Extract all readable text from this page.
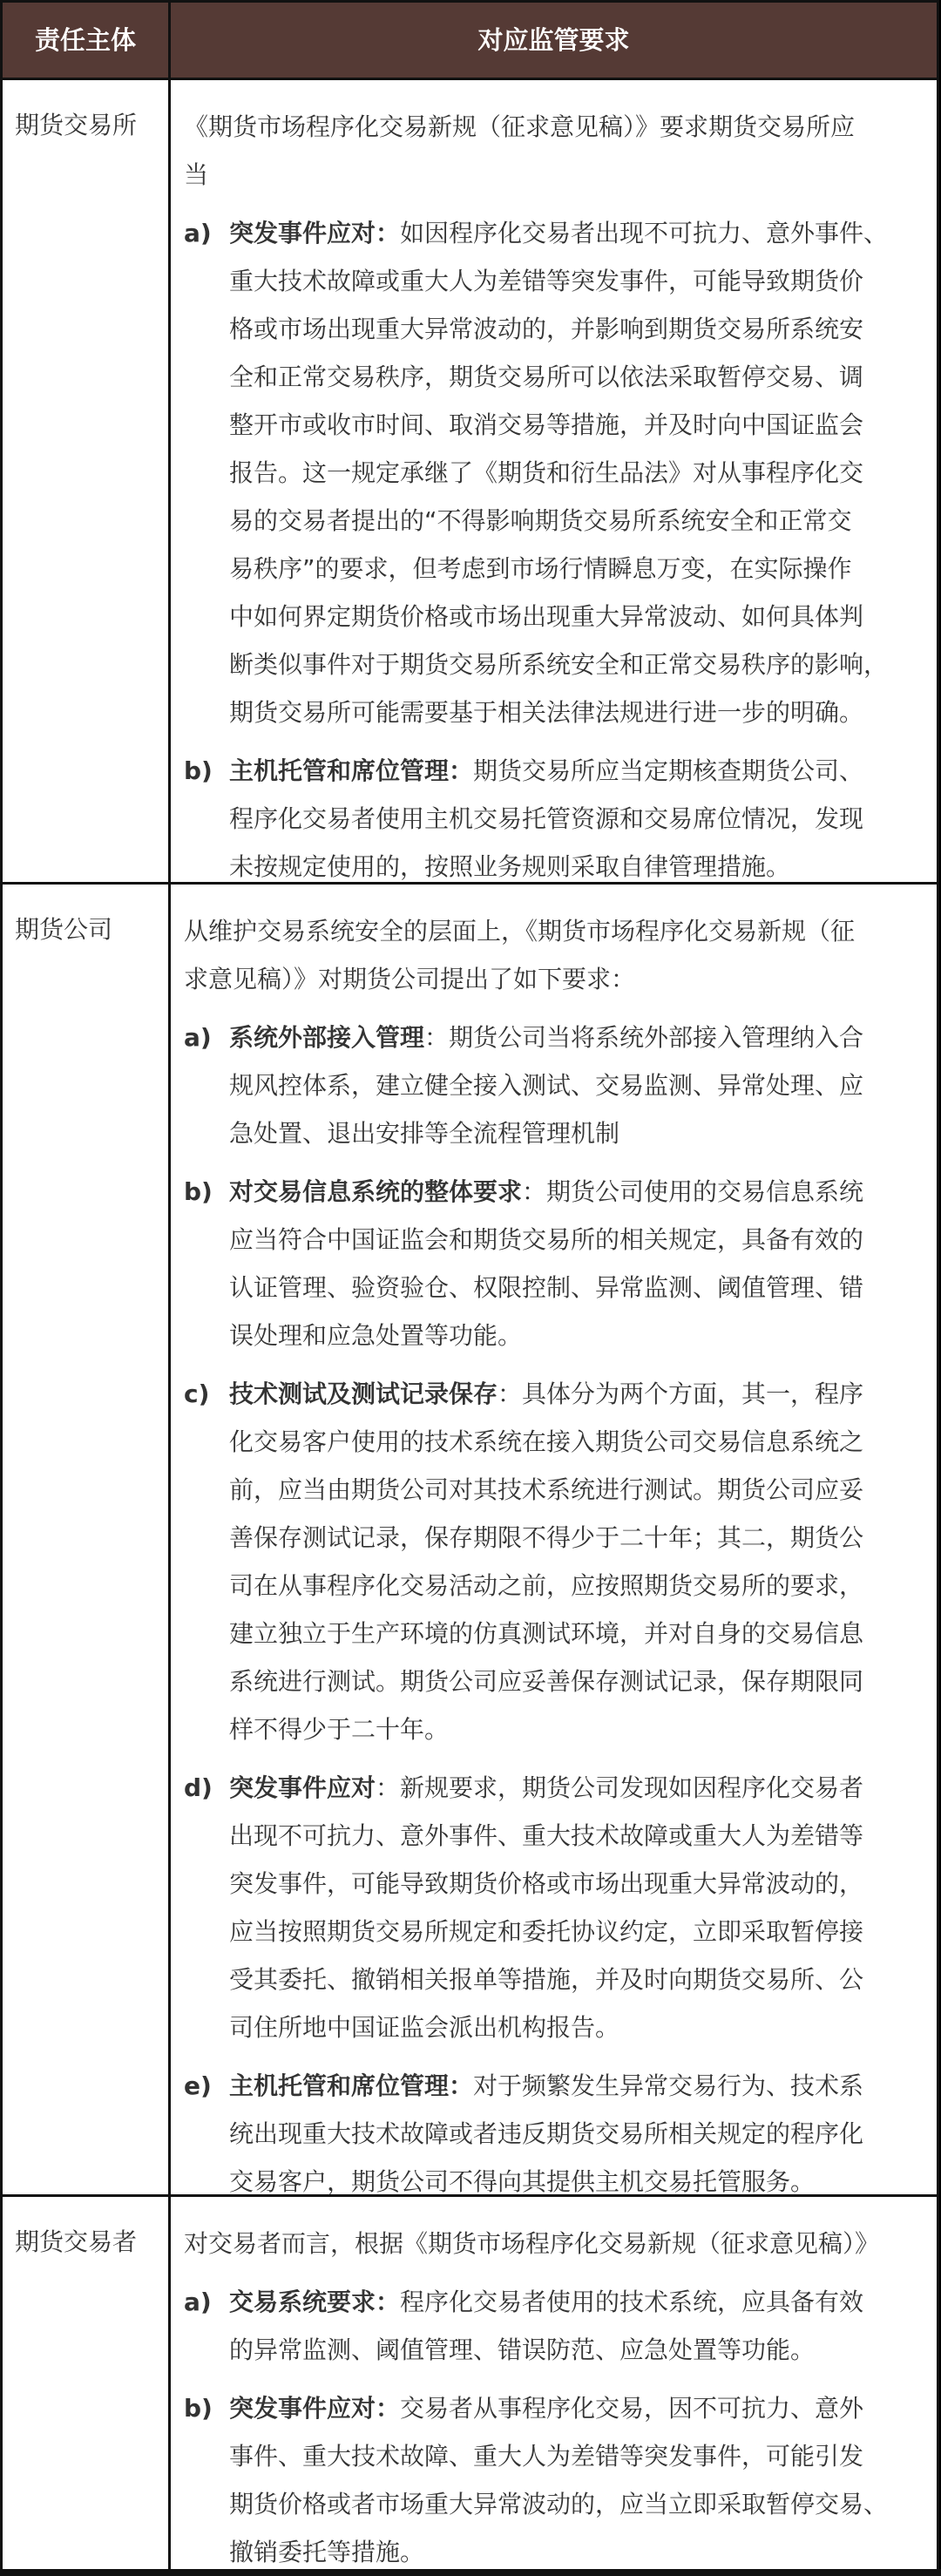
责任主体	对应监管要求
期货交易所 《期货市场程序化交易新规（征求意见稿）》要求期货交易所应
当
a) 突发事件应对：如因程序化交易者出现不可抗力、意外事件、
重大技术故障或重大人为差错等突发事件，可能导致期货价
格或市场出现重大异常波动的，并影响到期货交易所系统安
全和正常交易秩序，期货交易所可以依法采取暂停交易、调
整开市或收市时间、取消交易等措施，并及时向中国证监会
报告。这一规定承继了《期货和衍生品法》对从事程序化交
易的交易者提出的“不得影响期货交易所系统安全和正常交
易秩序”的要求，但考虑到市场行情瞬息万变，在实际操作
中如何界定期货价格或市场出现重大异常波动、如何具体判
断类似事件对于期货交易所系统安全和正常交易秩序的影响，
期货交易所可能需要基于相关法律法规进行进一步的明确。
b) 主机托管和席位管理：期货交易所应当定期核查期货公司、
程序化交易者使用主机交易托管资源和交易席位情况，发现
未按规定使用的，按照业务规则采取自律管理措施。
期货公司	从维护交易系统安全的层面上，《期货市场程序化交易新规（征
求意见稿）》对期货公司提出了如下要求：
a) 系统外部接入管理：期货公司当将系统外部接入管理纳入合
规风控体系，建立健全接入测试、交易监测、异常处理、应
急处置、退出安排等全流程管理机制
b) 对交易信息系统的整体要求：期货公司使用的交易信息系统
应当符合中国证监会和期货交易所的相关规定，具备有效的
认证管理、验资验仓、权限控制、异常监测、阈值管理、错
误处理和应急处置等功能。
c) 技术测试及测试记录保存：具体分为两个方面，其一，程序
化交易客户使用的技术系统在接入期货公司交易信息系统之
前，应当由期货公司对其技术系统进行测试。期货公司应妥
善保存测试记录，保存期限不得少于二十年；其二，期货公
司在从事程序化交易活动之前，应按照期货交易所的要求，
建立独立于生产环境的仿真测试环境，并对自身的交易信息
系统进行测试。期货公司应妥善保存测试记录，保存期限同
样不得少于二十年。
d) 突发事件应对：新规要求，期货公司发现如因程序化交易者
出现不可抗力、意外事件、重大技术故障或重大人为差错等
突发事件，可能导致期货价格或市场出现重大异常波动的，
应当按照期货交易所规定和委托协议约定，立即采取暂停接
受其委托、撤销相关报单等措施，并及时向期货交易所、公
司住所地中国证监会派出机构报告。
e) 主机托管和席位管理：对于频繁发生异常交易行为、技术系
统出现重大技术故障或者违反期货交易所相关规定的程序化
交易客户，期货公司不得向其提供主机交易托管服务。
期货交易者 对交易者而言，根据《期货市场程序化交易新规（征求意见稿）》
a) 交易系统要求：程序化交易者使用的技术系统，应具备有效
的异常监测、阈值管理、错误防范、应急处置等功能。
b) 突发事件应对：交易者从事程序化交易，因不可抗力、意外
事件、重大技术故障、重大人为差错等突发事件，可能引发
期货价格或者市场重大异常波动的，应当立即采取暂停交易、
撤销委托等措施。
